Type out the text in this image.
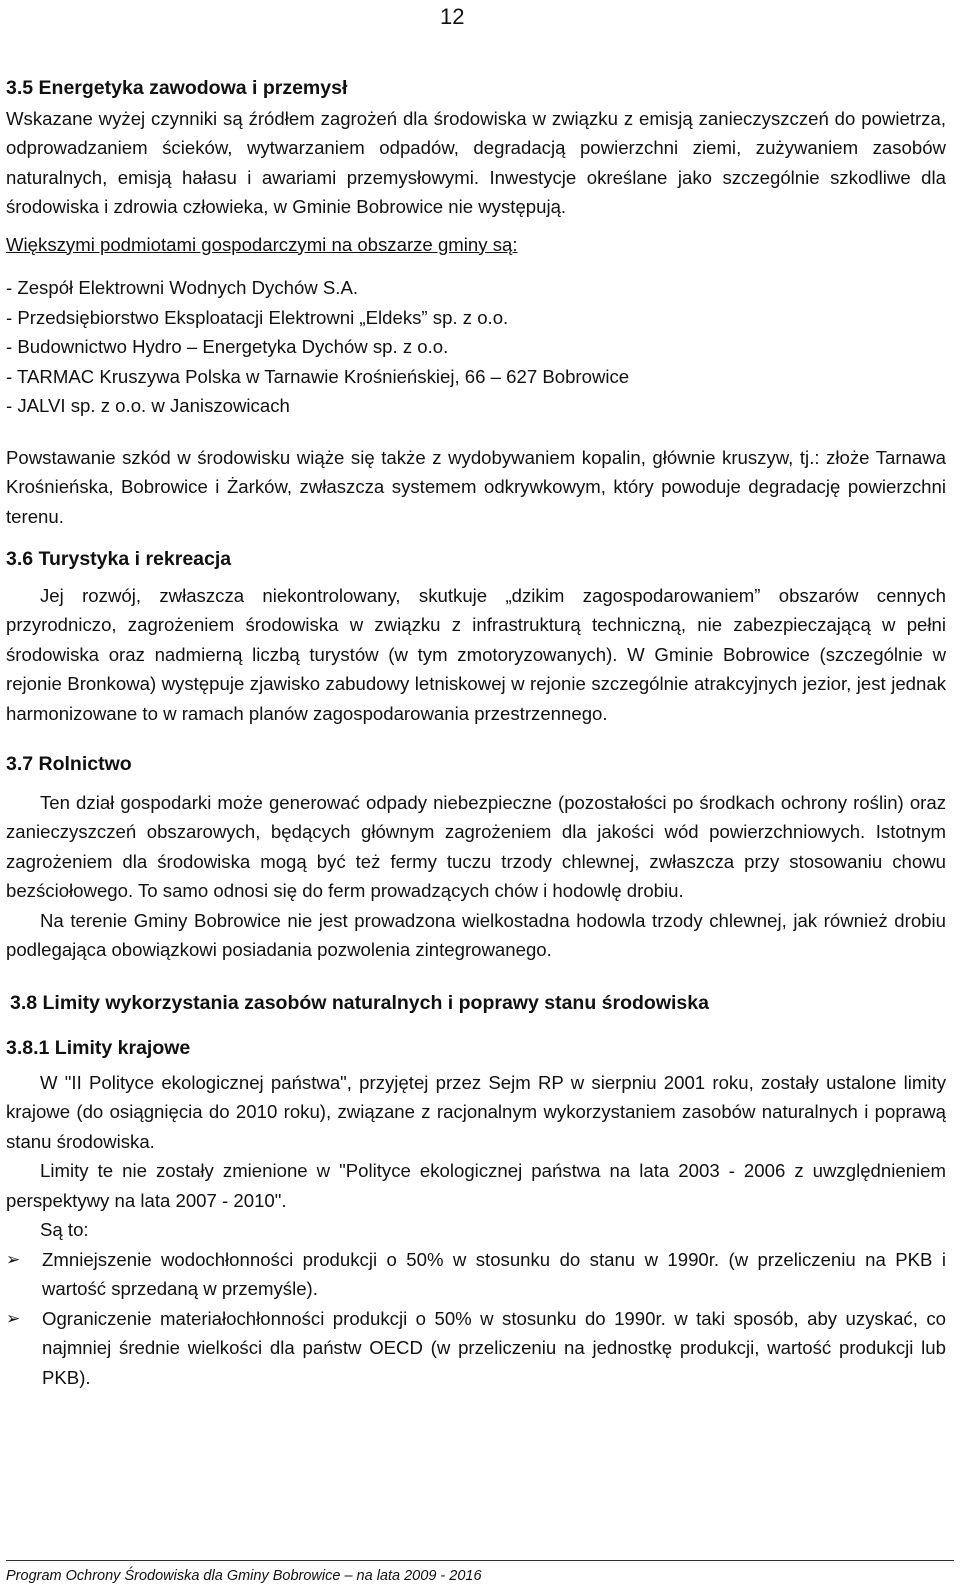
12
3.5 Energetyka zawodowa i przemysł

Wskazane wyżej czynniki są źródłem zagrożeń dla środowiska w związku z emisją zanieczyszczeń do powietrza, odprowadzaniem ścieków, wytwarzaniem odpadów, degradacją powierzchni ziemi, zużywaniem zasobów naturalnych, emisją hałasu i awariami przemysłowymi. Inwestycje określane jako szczególnie szkodliwe dla środowiska i zdrowia człowieka, w Gminie Bobrowice nie występują.

Większymi podmiotami gospodarczymi na obszarze gminy są:

- Zespół Elektrowni Wodnych Dychów S.A.
- Przedsiębiorstwo Eksploatacji Elektrowni „Eldeks” sp. z o.o.
- Budownictwo Hydro – Energetyka Dychów sp. z o.o.
- TARMAC Kruszywa Polska w Tarnawie Krośnieńskiej, 66 – 627 Bobrowice
- JALVI sp. z o.o. w Janiszowicach

Powstawanie szkód w środowisku wiąże się także z wydobywaniem kopalin, głównie kruszyw, tj.: złoże Tarnawa Krośnieńska, Bobrowice i Żarków, zwłaszcza systemem odkrywkowym, który powoduje degradację powierzchni terenu.

3.6 Turystyka i rekreacja

Jej rozwój, zwłaszcza niekontrolowany, skutkuje „dzikim zagospodarowaniem” obszarów cennych przyrodniczo, zagrożeniem środowiska w związku z infrastrukturą techniczną, nie zabezpieczającą w pełni środowiska oraz nadmierną liczbą turystów (w tym zmotoryzowanych). W Gminie Bobrowice (szczególnie w rejonie Bronkowa) występuje zjawisko zabudowy letniskowej w rejonie szczególnie atrakcyjnych jezior, jest jednak harmonizowane to w ramach planów zagospodarowania przestrzennego.

3.7 Rolnictwo

Ten dział gospodarki może generować odpady niebezpieczne (pozostałości po środkach ochrony roślin) oraz zanieczyszczeń obszarowych, będących głównym zagrożeniem dla jakości wód powierzchniowych. Istotnym zagrożeniem dla środowiska mogą być też fermy tuczu trzody chlewnej, zwłaszcza przy stosowaniu chowu bezściołowego. To samo odnosi się do ferm prowadzących chów i hodowlę drobiu.

Na terenie Gminy Bobrowice nie jest prowadzona wielkostadna hodowla trzody chlewnej, jak również drobiu podlegająca obowiązkowi posiadania pozwolenia zintegrowanego.

3.8 Limity wykorzystania zasobów naturalnych i poprawy stanu środowiska
3.8.1 Limity krajowe

W "II Polityce ekologicznej państwa", przyjętej przez Sejm RP w sierpniu 2001 roku, zostały ustalone limity krajowe (do osiągnięcia do 2010 roku), związane z racjonalnym wykorzystaniem zasobów naturalnych i poprawą stanu środowiska.

Limity te nie zostały zmienione w "Polityce ekologicznej państwa na lata 2003 - 2006 z uwzględnieniem perspektywy na lata 2007 - 2010".

Są to:

➢ Zmniejszenie wodochłonności produkcji o 50% w stosunku do stanu w 1990r. (w przeliczeniu na PKB i wartość sprzedaną w przemyśle).
➢ Ograniczenie materiałochłonności produkcji o 50% w stosunku do 1990r. w taki sposób, aby uzyskać, co najmniej średnie wielkości dla państw OECD (w przeliczeniu na jednostkę produkcji, wartość produkcji lub PKB).
Program Ochrony Środowiska dla Gminy Bobrowice – na lata 2009 - 2016
